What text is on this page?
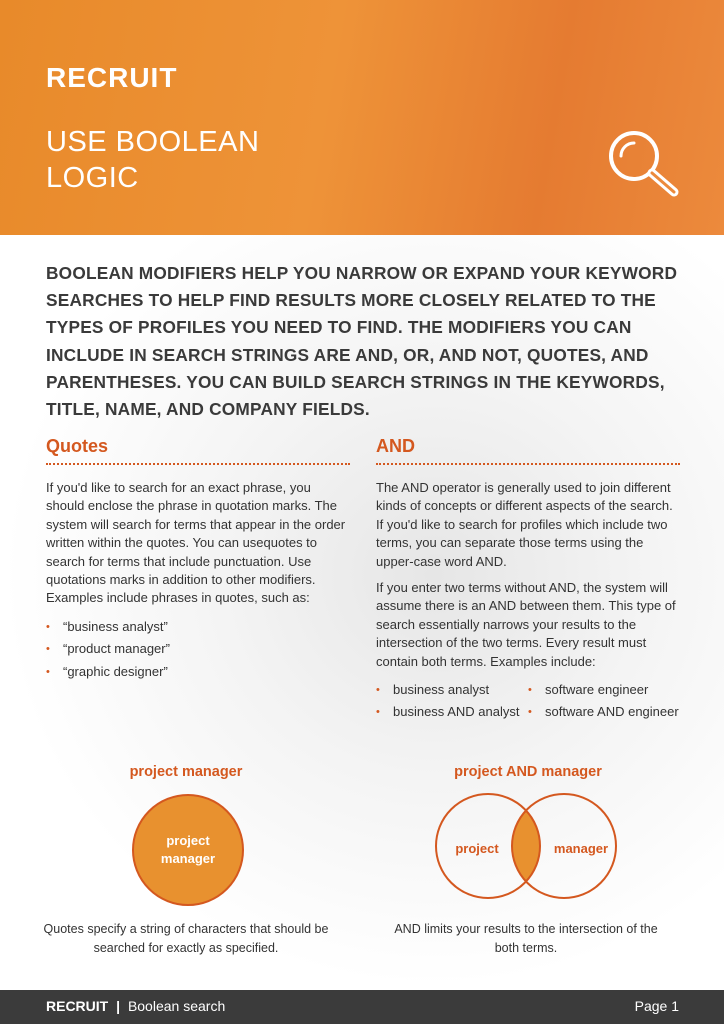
RECRUIT
USE BOOLEAN
LOGIC
BOOLEAN MODIFIERS HELP YOU NARROW OR EXPAND YOUR KEYWORD SEARCHES TO HELP FIND RESULTS MORE CLOSELY RELATED TO THE TYPES OF PROFILES YOU NEED TO FIND. THE MODIFIERS YOU CAN INCLUDE IN SEARCH STRINGS ARE AND, OR, AND NOT, QUOTES, AND PARENTHESES. YOU CAN BUILD SEARCH STRINGS IN THE KEYWORDS, TITLE, NAME, AND COMPANY FIELDS.
Quotes

If you'd like to search for an exact phrase, you should enclose the phrase in quotation marks. The system will search for terms that appear in the order written within the quotes. You can usequotes to search for terms that include punctuation. Use quotations marks in addition to other modifiers. Examples include phrases in quotes, such as:

• “business analyst”
• “product manager”
• “graphic designer”
AND

The AND operator is generally used to join different kinds of concepts or different aspects of the search. If you'd like to search for profiles which include two terms, you can separate those terms using the upper-case word AND.

If you enter two terms without AND, the system will assume there is an AND between them. This type of search essentially narrows your results to the intersection of the two terms. Every result must contain both terms. Examples include:

• business analyst
• business AND analyst
• software engineer
• software AND engineer
project manager
project
manager
Quotes specify a string of characters that should be searched for exactly as specified.
project AND manager
project	manager
AND limits your results to the intersection of the both terms.
RECRUIT | Boolean search	Page 1
